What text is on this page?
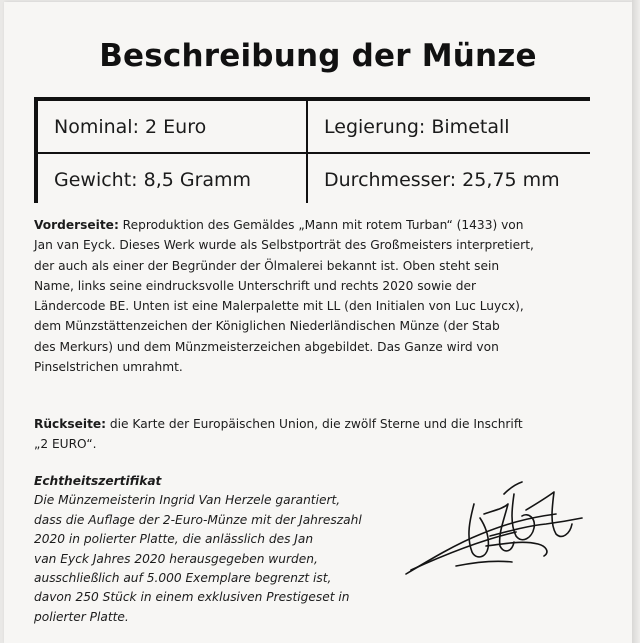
Beschreibung der Münze
Nominal: 2 Euro	Legierung: Bimetall
Gewicht: 8,5 Gramm	Durchmesser: 25,75 mm

Vorderseite: Reproduktion des Gemäldes „Mann mit rotem Turban“ (1433) von
Jan van Eyck. Dieses Werk wurde als Selbstporträt des Großmeisters interpretiert,
der auch als einer der Begründer der Ölmalerei bekannt ist. Oben steht sein
Name, links seine eindrucksvolle Unterschrift und rechts 2020 sowie der
Ländercode BE. Unten ist eine Malerpalette mit LL (den Initialen von Luc Luycx),
dem Münzstättenzeichen der Königlichen Niederländischen Münze (der Stab
des Merkurs) und dem Münzmeisterzeichen abgebildet. Das Ganze wird von
Pinselstrichen umrahmt.

Rückseite: die Karte der Europäischen Union, die zwölf Sterne und die Inschrift
„2 EURO“.

Echtheitszertifikat
Die Münzemeisterin Ingrid Van Herzele garantiert,
dass die Auflage der 2-Euro-Münze mit der Jahreszahl
2020 in polierter Platte, die anlässlich des Jan
van Eyck Jahres 2020 herausgegeben wurden,
ausschließlich auf 5.000 Exemplare begrenzt ist,
davon 250 Stück in einem exklusiven Prestigeset in
polierter Platte.
